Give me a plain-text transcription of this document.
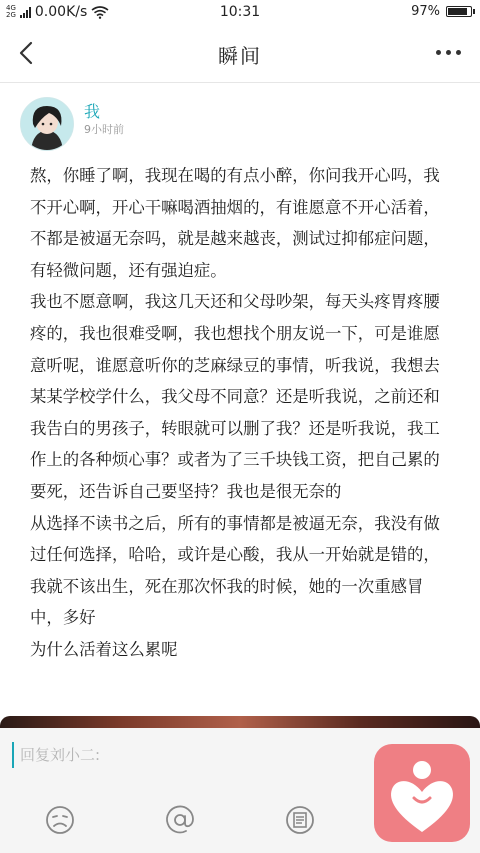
4G
2G 0.00K/s	10:31	97%
瞬间
我
9小时前

熬，你睡了啊，我现在喝的有点小醉，你问我开心吗，我不开心啊，开心干嘛喝酒抽烟的，有谁愿意不开心活着，不都是被逼无奈吗，就是越来越丧，测试过抑郁症问题，有轻微问题，还有强迫症。

我也不愿意啊，我这几天还和父母吵架，每天头疼胃疼腰疼的，我也很难受啊，我也想找个朋友说一下，可是谁愿意听呢，谁愿意听你的芝麻绿豆的事情，听我说，我想去某某学校学什么，我父母不同意？还是听我说，之前还和我告白的男孩子，转眼就可以删了我？还是听我说，我工作上的各种烦心事？或者为了三千块钱工资，把自己累的要死，还告诉自己要坚持？我也是很无奈的

从选择不读书之后，所有的事情都是被逼无奈，我没有做过任何选择，哈哈，或许是心酸，我从一开始就是错的，我就不该出生，死在那次怀我的时候，她的一次重感冒中，多好

为什么活着这么累呢

回复刘小二:
